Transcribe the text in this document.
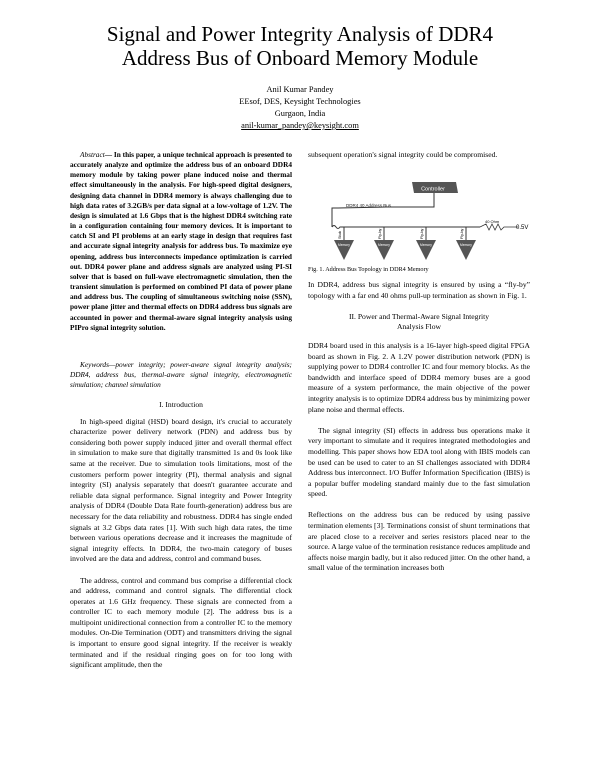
Signal and Power Integrity Analysis of DDR4
Address Bus of Onboard Memory Module
Anil Kumar Pandey
EEsof, DES, Keysight Technologies
Gurgaon, India
anil-kumar_pandey@keysight.com

Abstract— In this paper, a unique technical approach is presented to accurately analyze and optimize the address bus of an onboard DDR4 memory module by taking power plane induced noise and thermal effect simultaneously in the analysis. For high-speed digital designers, designing data channel in DDR4 memory is always challenging due to high data rates of 3.2GB/s per data signal at a low-voltage of 1.2V. The design is simulated at 1.6 Gbps that is the highest DDR4 switching rate in a configuration containing four memory devices. It is important to catch SI and PI problems at an early stage in design that requires fast and accurate signal integrity analysis for address bus. To maximize eye opening, address bus interconnects impedance optimization is carried out. DDR4 power plane and address signals are analyzed using PI-SI solver that is based on full-wave electromagnetic simulation, then the transient simulation is performed on combined PI data of power plane and address bus. The coupling of simultaneous switching noise (SSN), power plane jitter and thermal effects on DDR4 address bus signals are accounted in power and thermal-aware signal integrity analysis using PIPro signal integrity solution.

Keywords—power integrity; power-aware signal integrity analysis; DDR4, address bus, thermal-aware signal integrity, electromagnetic simulation; channel simulation

I. Introduction

In high-speed digital (HSD) board design, it's crucial to accurately characterize power delivery network (PDN) and address bus by considering both power supply induced jitter and overall thermal effect in simulation to make sure that digitally transmitted 1s and 0s look like same at the receiver. Due to simulation tools limitations, most of the customers perform power integrity (PI), thermal analysis and signal integrity (SI) analysis separately that doesn't guarantee accurate and reliable data signal performance. Signal integrity and Power Integrity analysis of DDR4 (Double Data Rate fourth-generation) address bus are necessary for the data reliability and robustness. DDR4 has single ended signals at 3.2 Gbps data rates [1]. With such high data rates, the time between various operations decrease and it increases the magnitude of signal integrity effects. In DDR4, the two-main category of buses involved are the data and address, control and command buses.

The address, control and command bus comprise a differential clock and address, command and control signals. The differential clock operates at 1.6 GHz frequency. These signals are connected from a controller IC to each memory module [2]. The address bus is a multipoint unidirectional connection from a controller IC to the memory modules. On-Die Termination (ODT) and transmitters driving the signal is important to ensure good signal integrity. If the receiver is weakly terminated and if the residual ringing goes on for too long with significant amplitude, then the

subsequent operation's signal integrity could be compromised.

Controller
DDR4 40 Address Bus
40 Ohm
0.5V
Stub	Fly-by	Fly-by	Fly-by
Memory	Memory	Memory	Memory
Fig. 1. Address Bus Topology in DDR4 Memory

In DDR4, address bus signal integrity is ensured by using a “fly-by” topology with a far end 40 ohms pull-up termination as shown in Fig. 1.

II. Power and Thermal-Aware Signal Integrity
Analysis Flow

DDR4 board used in this analysis is a 16-layer high-speed digital FPGA board as shown in Fig. 2. A 1.2V power distribution network (PDN) is supplying power to DDR4 controller IC and four memory blocks. As the bandwidth and interface speed of DDR4 memory buses are a good measure of a system performance, the main objective of the power integrity analysis is to optimize DDR4 address bus by minimizing power plane noise and thermal effects.

The signal integrity (SI) effects in address bus operations make it very important to simulate and it requires integrated methodologies and modelling. This paper shows how EDA tool along with IBIS models can be used can be used to cater to an SI challenges associated with DDR4 Address bus interconnect. I/O Buffer Information Specification (IBIS) is a popular buffer modeling standard mainly due to the fast simulation speed.

Reflections on the address bus can be reduced by using passive termination elements [3]. Terminations consist of shunt terminations that are placed close to a receiver and series resistors placed near to the source. A large value of the termination resistance reduces amplitude and affects noise margin badly, but it also reduced jitter. On the other hand, a small value of the termination increases both
